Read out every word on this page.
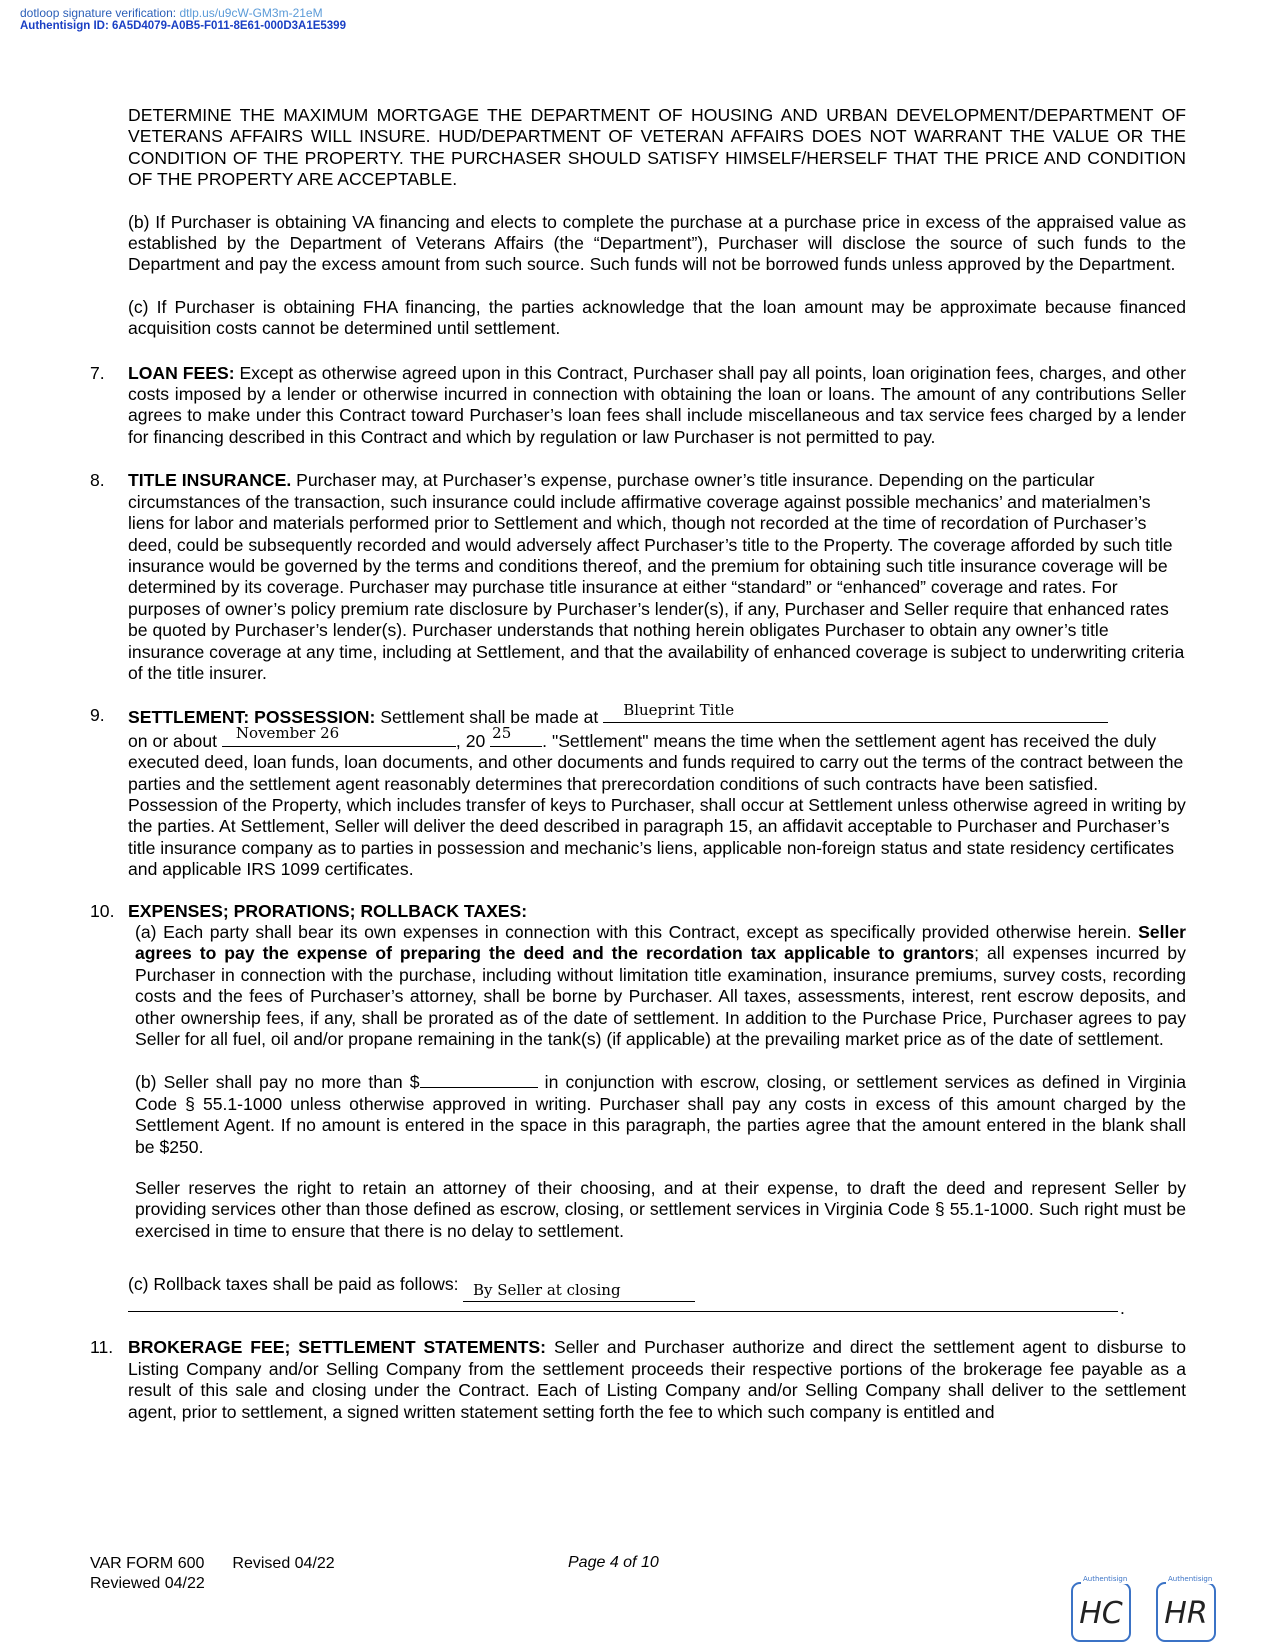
dotloop signature verification: dtlp.us/u9cW-GM3m-21eM
Authentisign ID: 6A5D4079-A0B5-F011-8E61-000D3A1E5399
DETERMINE THE MAXIMUM MORTGAGE THE DEPARTMENT OF HOUSING AND URBAN DEVELOPMENT/DEPARTMENT OF VETERANS AFFAIRS WILL INSURE. HUD/DEPARTMENT OF VETERAN AFFAIRS DOES NOT WARRANT THE VALUE OR THE CONDITION OF THE PROPERTY. THE PURCHASER SHOULD SATISFY HIMSELF/HERSELF THAT THE PRICE AND CONDITION OF THE PROPERTY ARE ACCEPTABLE.
(b) If Purchaser is obtaining VA financing and elects to complete the purchase at a purchase price in excess of the appraised value as established by the Department of Veterans Affairs (the “Department”), Purchaser will disclose the source of such funds to the Department and pay the excess amount from such source. Such funds will not be borrowed funds unless approved by the Department.
(c) If Purchaser is obtaining FHA financing, the parties acknowledge that the loan amount may be approximate because financed acquisition costs cannot be determined until settlement.
7. LOAN FEES: Except as otherwise agreed upon in this Contract, Purchaser shall pay all points, loan origination fees, charges, and other costs imposed by a lender or otherwise incurred in connection with obtaining the loan or loans. The amount of any contributions Seller agrees to make under this Contract toward Purchaser’s loan fees shall include miscellaneous and tax service fees charged by a lender for financing described in this Contract and which by regulation or law Purchaser is not permitted to pay.
8. TITLE INSURANCE. Purchaser may, at Purchaser’s expense, purchase owner’s title insurance. Depending on the particular circumstances of the transaction, such insurance could include affirmative coverage against possible mechanics’ and materialmen’s liens for labor and materials performed prior to Settlement and which, though not recorded at the time of recordation of Purchaser’s deed, could be subsequently recorded and would adversely affect Purchaser’s title to the Property. The coverage afforded by such title insurance would be governed by the terms and conditions thereof, and the premium for obtaining such title insurance coverage will be determined by its coverage. Purchaser may purchase title insurance at either “standard” or “enhanced” coverage and rates. For purposes of owner’s policy premium rate disclosure by Purchaser’s lender(s), if any, Purchaser and Seller require that enhanced rates be quoted by Purchaser’s lender(s). Purchaser understands that nothing herein obligates Purchaser to obtain any owner’s title insurance coverage at any time, including at Settlement, and that the availability of enhanced coverage is subject to underwriting criteria of the title insurer.
9. SETTLEMENT: POSSESSION: Settlement shall be made at Blueprint Title
on or about November 26	, 20 25 . "Settlement" means the time when the settlement agent has received the duly executed deed, loan funds, loan documents, and other documents and funds required to carry out the terms of the contract between the parties and the settlement agent reasonably determines that prerecordation conditions of such contracts have been satisfied. Possession of the Property, which includes transfer of keys to Purchaser, shall occur at Settlement unless otherwise agreed in writing by the parties. At Settlement, Seller will deliver the deed described in paragraph 15, an affidavit acceptable to Purchaser and Purchaser’s title insurance company as to parties in possession and mechanic’s liens, applicable non-foreign status and state residency certificates and applicable IRS 1099 certificates.
10. EXPENSES; PRORATIONS; ROLLBACK TAXES:
(a) Each party shall bear its own expenses in connection with this Contract, except as specifically provided otherwise herein. Seller agrees to pay the expense of preparing the deed and the recordation tax applicable to grantors; all expenses incurred by Purchaser in connection with the purchase, including without limitation title examination, insurance premiums, survey costs, recording costs and the fees of Purchaser’s attorney, shall be borne by Purchaser. All taxes, assessments, interest, rent escrow deposits, and other ownership fees, if any, shall be prorated as of the date of settlement. In addition to the Purchase Price, Purchaser agrees to pay Seller for all fuel, oil and/or propane remaining in the tank(s) (if applicable) at the prevailing market price as of the date of settlement.
(b) Seller shall pay no more than $	in conjunction with escrow, closing, or settlement services as defined in Virginia Code § 55.1-1000 unless otherwise approved in writing. Purchaser shall pay any costs in excess of this amount charged by the Settlement Agent. If no amount is entered in the space in this paragraph, the parties agree that the amount entered in the blank shall be $250.
Seller reserves the right to retain an attorney of their choosing, and at their expense, to draft the deed and represent Seller by providing services other than those defined as escrow, closing, or settlement services in Virginia Code § 55.1-1000. Such right must be exercised in time to ensure that there is no delay to settlement.
(c) Rollback taxes shall be paid as follows: By Seller at closing
.
11. BROKERAGE FEE; SETTLEMENT STATEMENTS: Seller and Purchaser authorize and direct the settlement agent to disburse to Listing Company and/or Selling Company from the settlement proceeds their respective portions of the brokerage fee payable as a result of this sale and closing under the Contract. Each of Listing Company and/or Selling Company shall deliver to the settlement agent, prior to settlement, a signed written statement setting forth the fee to which such company is entitled and
VAR FORM 600 Revised 04/22
Reviewed 04/22
Page 4 of 10
Authentisign
HC
Authentisign
HR
